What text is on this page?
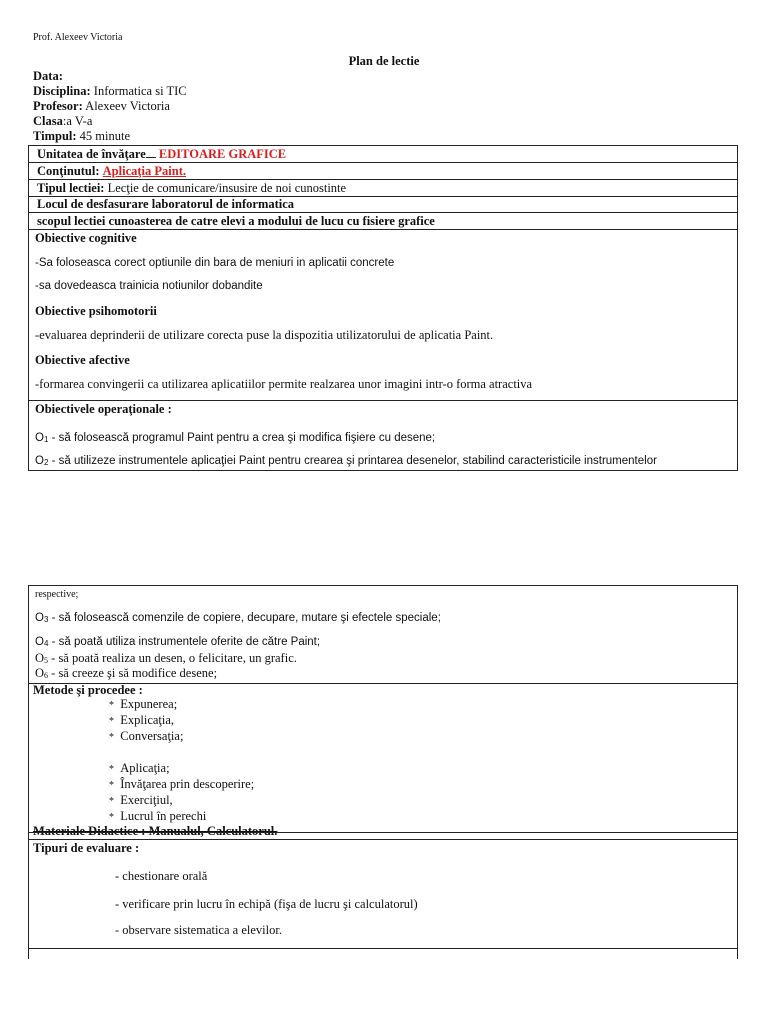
Prof. Alexeev Victoria
Plan de lectie
Data:
Disciplina: Informatica si TIC
Profesor: Alexeev Victoria
Clasa:a V-a
Timpul: 45 minute
Unitatea de învăţare EDITOARE GRAFICE
Conţinutul: Aplicaţia Paint.
Tipul lectiei: Lecţie de comunicare/insusire de noi cunostinte
Locul de desfasurare laboratorul de informatica
scopul lectiei cunoasterea de catre elevi a modului de lucu cu fisiere grafice
Obiective cognitive
-Sa foloseasca corect optiunile din bara de meniuri in aplicatii concrete
-sa dovedeasca trainicia notiunilor dobandite
Obiective psihomotorii
-evaluarea deprinderii de utilizare corecta puse la dispozitia utilizatorului de aplicatia Paint.
Obiective afective
-formarea convingerii ca utilizarea aplicatiilor permite realzarea unor imagini intr-o forma atractiva
Obiectivele operaţionale :
$O_1$ - să folosească programul Paint pentru a crea şi modifica fişiere cu desene;
$O_2$ - să utilizeze instrumentele aplicaţiei Paint pentru crearea şi printarea desenelor, stabilind caracteristicile instrumentelor
respective;
$O_3$ - să folosească comenzile de copiere, decupare, mutare şi efectele speciale;
$O_4$ - să poată utiliza instrumentele oferite de către Paint;
$O_5$ - să poată realiza un desen, o felicitare, un grafic.
$O_6$ - să creeze şi să modifice desene;
Metode şi procedee :
* Expunerea;
* Explicaţia,
* Conversaţia;
* Aplicaţia;
* Învăţarea prin descoperire;
* Exerciţiul,
* Lucrul în perechi
Materiale Didactice : Manualul, Calculatorul.
Tipuri de evaluare :
- chestionare orală
- verificare prin lucru în echipă (fişa de lucru şi calculatorul)
- observare sistematica a elevilor.
